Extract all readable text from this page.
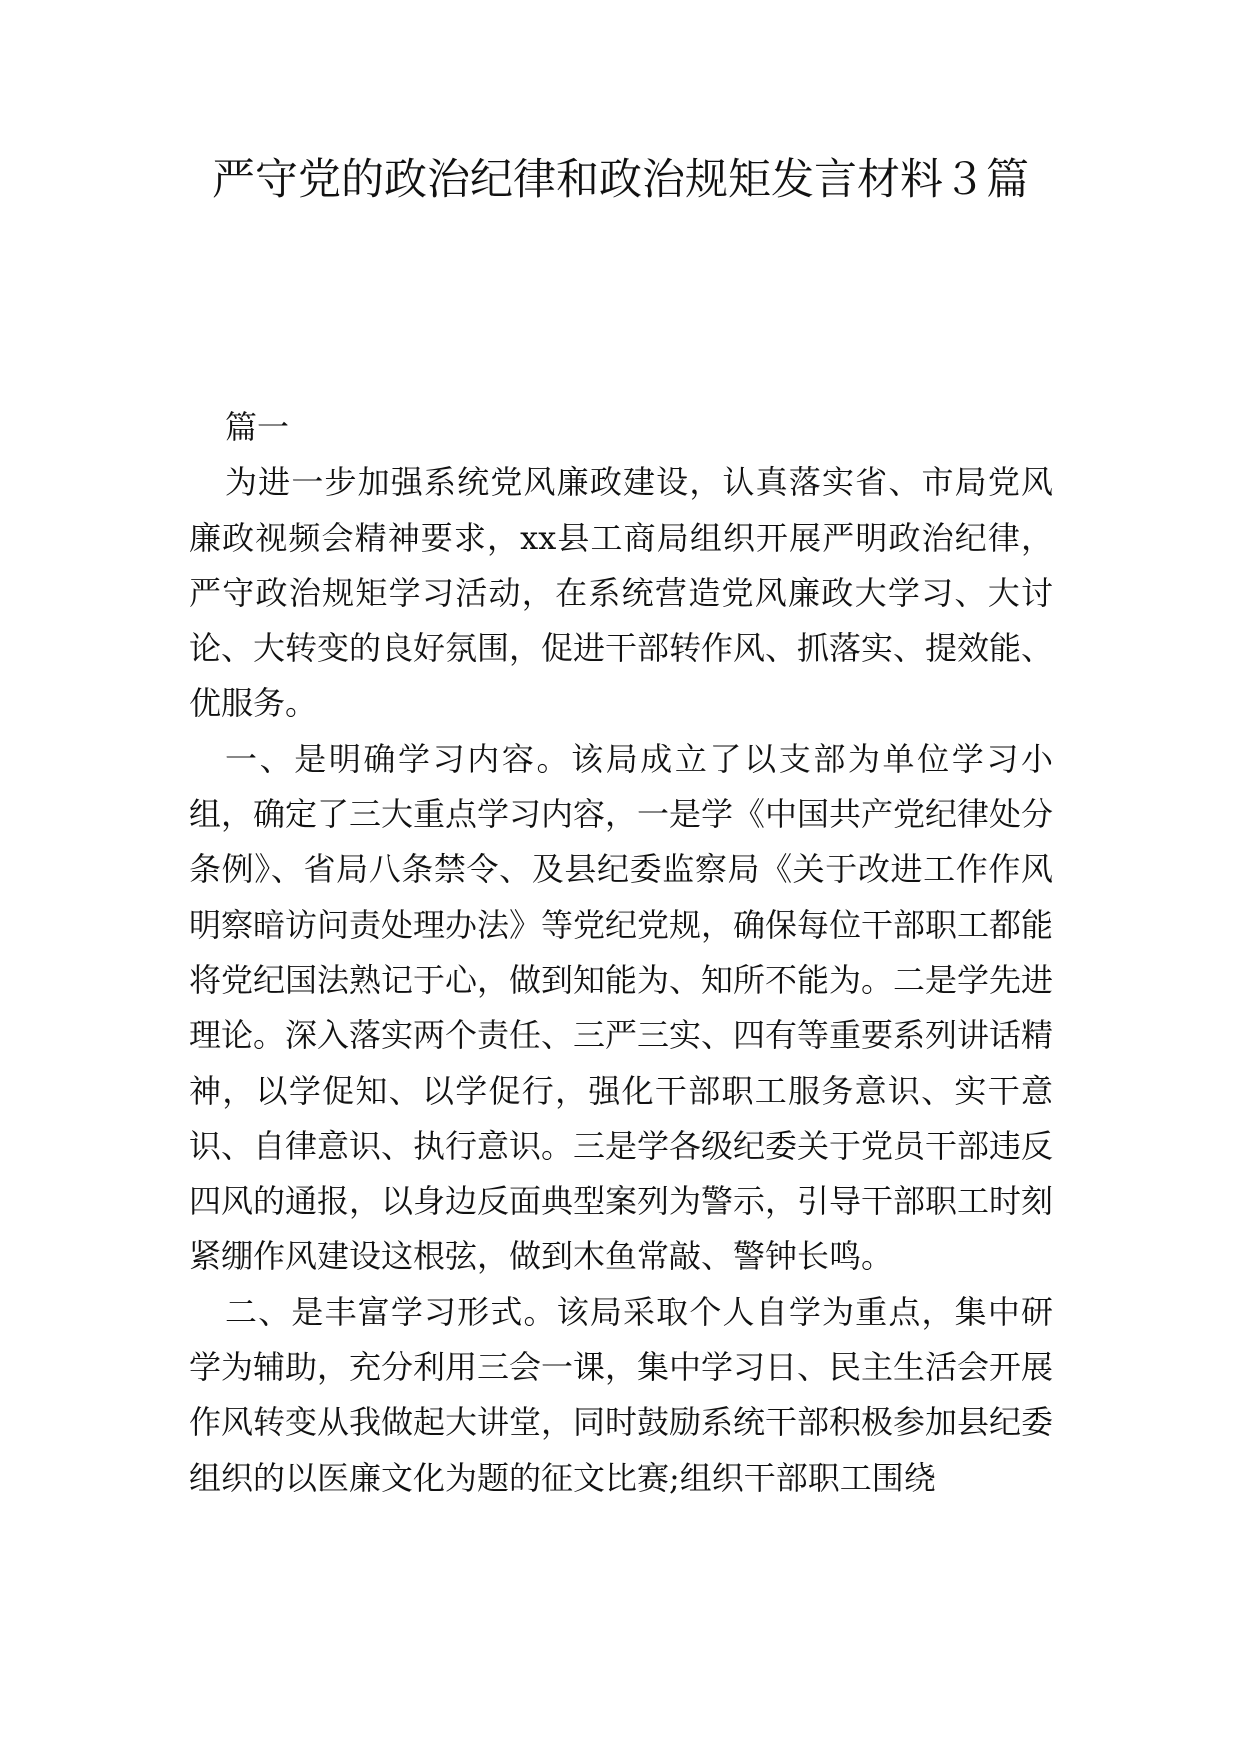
严守党的政治纪律和政治规矩发言材料３篇

篇一

为进一步加强系统党风廉政建设，认真落实省、市局党风廉政视频会精神要求，xx县工商局组织开展严明政治纪律，严守政治规矩学习活动，在系统营造党风廉政大学习、大讨论、大转变的良好氛围，促进干部转作风、抓落实、提效能、优服务。

一、是明确学习内容。该局成立了以支部为单位学习小组，确定了三大重点学习内容，一是学《中国共产党纪律处分条例》、省局八条禁令、及县纪委监察局《关于改进工作作风明察暗访问责处理办法》等党纪党规，确保每位干部职工都能将党纪国法熟记于心，做到知能为、知所不能为。二是学先进理论。深入落实两个责任、三严三实、四有等重要系列讲话精神，以学促知、以学促行，强化干部职工服务意识、实干意识、自律意识、执行意识。三是学各级纪委关于党员干部违反四风的通报，以身边反面典型案列为警示，引导干部职工时刻紧绷作风建设这根弦，做到木鱼常敲、警钟长鸣。

二、是丰富学习形式。该局采取个人自学为重点，集中研学为辅助，充分利用三会一课，集中学习日、民主生活会开展作风转变从我做起大讲堂，同时鼓励系统干部积极参加县纪委组织的以医廉文化为题的征文比赛;组织干部职工围绕
